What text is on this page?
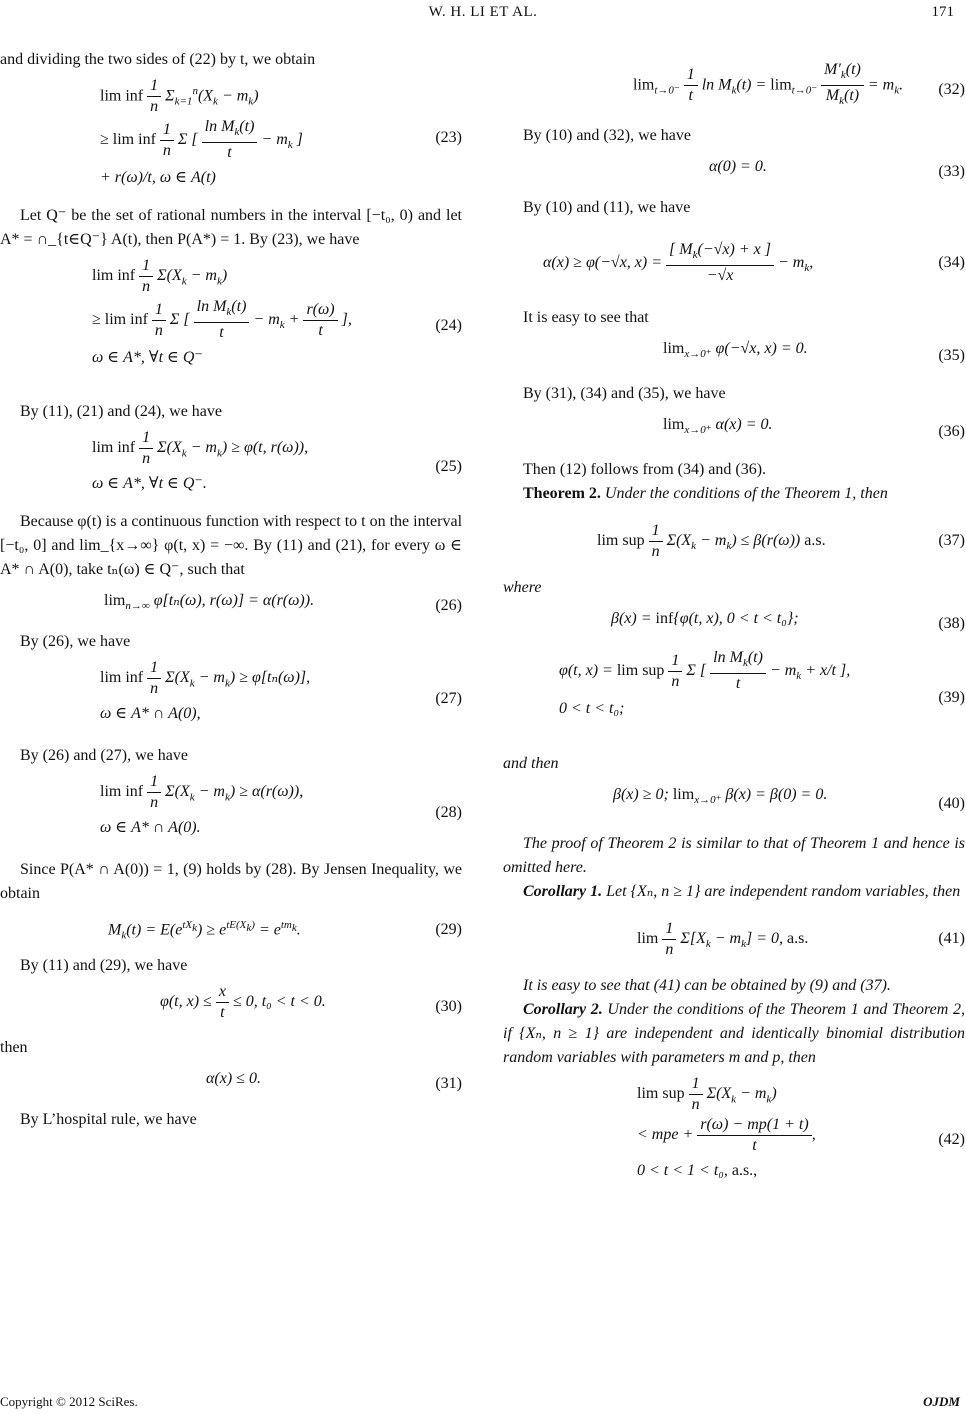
W. H. LI ET AL.	171

and dividing the two sides of (22) by t, we obtain

lim inf $\frac{1}{n} \Sigma_{k=1}^n(X_k - m_k)$
≥ lim inf $\frac{1}{n}$ Σ [ $\frac{\ln M_k(t)}{t} - m_k$ ]
+ r(ω)/t, ω ∈ A(t)
(23)

Let Q⁻ be the set of rational numbers in the interval [−t₀, 0) and let A* = ∩_{t∈Q⁻} A(t), then P(A*) = 1. By (23), we have

lim inf $\frac{1}{n} \Sigma(X_k - m_k)$
≥ lim inf $\frac{1}{n}$ Σ [ $\frac{\ln M_k(t)}{t} - m_k + \frac{r(\omega)}{t}$ ],
ω ∈ A*, ∀t ∈ Q⁻
(24)

By (11), (21) and (24), we have

lim inf $\frac{1}{n} \Sigma(X_k - m_k) \ge \varphi(t$, r(ω)),
ω ∈ A*, ∀t ∈ Q⁻.
(25)

Because φ(t) is a continuous function with respect to t on the interval [−t₀, 0] and lim_{x→∞} φ(t, x) = −∞. By (11) and (21), for every ω ∈ A* ∩ A(0), take tₙ(ω) ∈ Q⁻, such that

$\lim_{n\to\infty} \varphi[t_n(\omega)$, r(ω)] = α(r(ω)).	(26)

By (26), we have

lim inf $\frac{1}{n} \Sigma(X_k - m_k) \ge \varphi[t_n(\omega)]$,
ω ∈ A* ∩ A(0),
(27)

By (26) and (27), we have

lim inf $\frac{1}{n} \Sigma(X_k - m_k) \ge \alpha(r(\omega))$,
ω ∈ A* ∩ A(0).
(28)

Since P(A* ∩ A(0)) = 1, (9) holds by (28). By Jensen Inequality, we obtain

$M_k(t) = E(e^{tX_k}) \ge e^{tE(X_k)} = e^{tm_k}$.	(29)

By (11) and (29), we have

φ(t, $x) \le \frac{x}{t} \le 0$, t₀ < t < 0.	(30)

then

α(x) ≤ 0.	(31)

By L’hospital rule, we have

$\lim_{t\to 0^-} \frac{1}{t}$ $\ln M_k(t) = \lim_{t\to 0^-} \frac{M'_k(t)}{M_k(t)} = m_k$.	(32)

By (10) and (32), we have

α(0) = 0.	(33)

By (10) and (11), we have

α(x) ≥ φ(−√x, $x) = \frac{[ M_k(-√x) + x ]}{-√x} - m_k$,	(34)

It is easy to see that

$\lim_{x\to 0^+} \varphi(-√x$, x) = 0.	(35)

By (31), (34) and (35), we have

$\lim_{x\to 0^+} \alpha(x) = 0$.	(36)

Then (12) follows from (34) and (36).

Theorem 2. Under the conditions of the Theorem 1, then

lim sup $\frac{1}{n} \Sigma(X_k - m_k) \le \beta(r(\omega))$ a.s.	(37)

where

β(x) = inf{φ(t, x), 0 < t < t₀};	(38)
φ(t, x) = lim sup $\frac{1}{n}$ Σ [ $\frac{\ln M_k(t)}{t} - m_k + x/t$ ],
0 < t < t₀;
(39)

and then

β(x) ≥ 0; $\lim_{x\to 0^+} \beta(x) = \beta(0) = 0$.
(40)

The proof of Theorem 2 is similar to that of Theorem 1 and hence is omitted here.

Corollary 1. Let {Xₙ, n ≥ 1} are independent random variables, then

$\lim \frac{1}{n} \Sigma[X_k - m_k] = 0$, a.s.	(41)

It is easy to see that (41) can be obtained by (9) and (37).

Corollary 2. Under the conditions of the Theorem 1 and Theorem 2, if {Xₙ, n ≥ 1} are independent and identically binomial distribution random variables with parameters m and p, then

lim sup $\frac{1}{n} \Sigma(X_k - m_k)$
< mpe + $\frac{r(\omega) - mp(1 + t)}{t}$ ,
0 < t < 1 < t₀, a.s.,
(42)
Copyright © 2012 SciRes.	OJDM
